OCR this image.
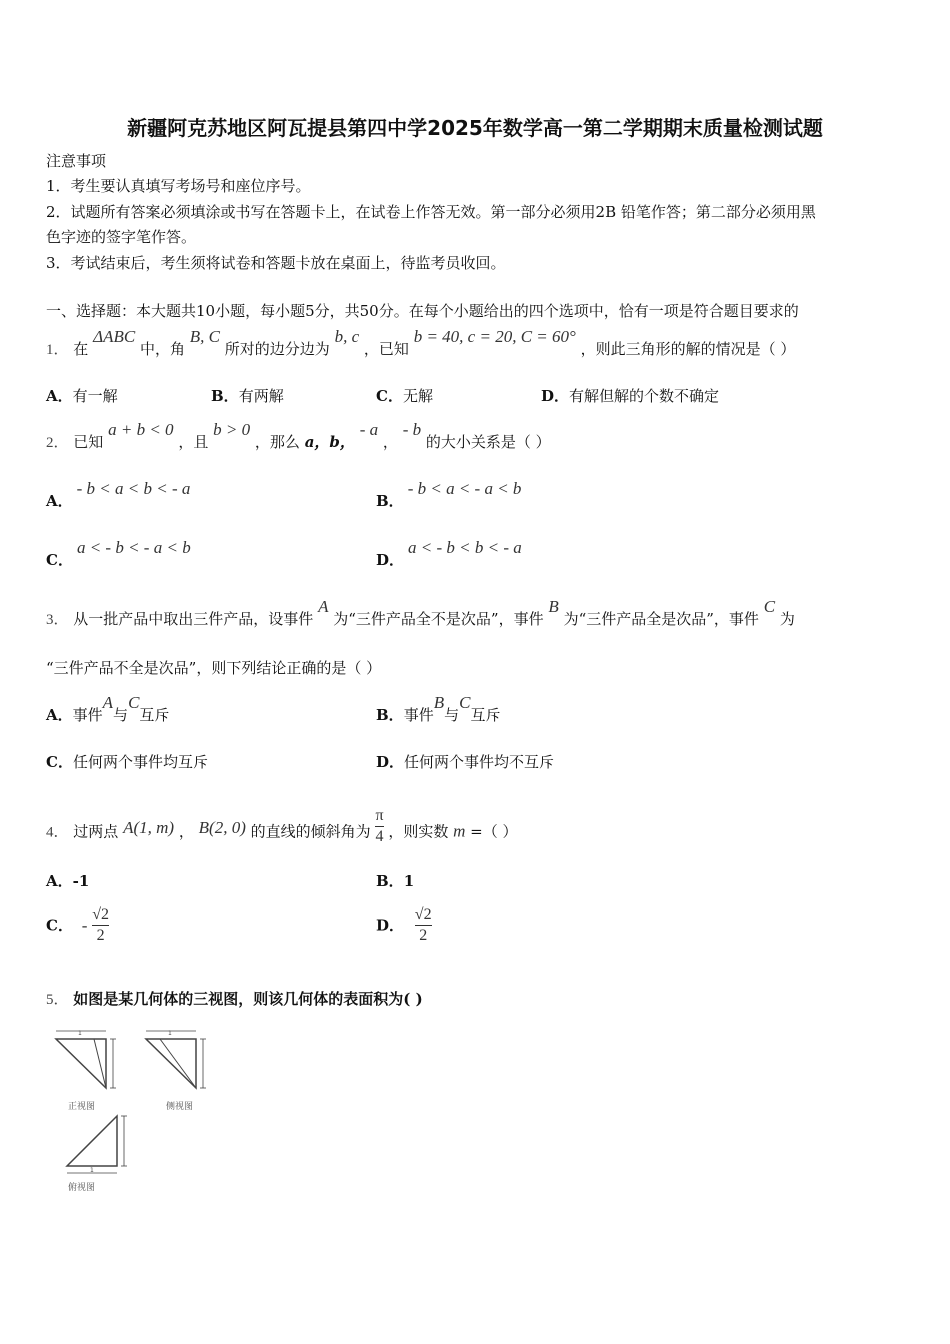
新疆阿克苏地区阿瓦提县第四中学2025年数学高一第二学期期末质量检测试题
注意事项
1．考生要认真填写考场号和座位序号。
2．试题所有答案必须填涂或书写在答题卡上，在试卷上作答无效。第一部分必须用2B 铅笔作答；第二部分必须用黑
色字迹的签字笔作答。
3．考试结束后，考生须将试卷和答题卡放在桌面上，待监考员收回。
一、选择题：本大题共10小题，每小题5分，共50分。在每个小题给出的四个选项中，恰有一项是符合题目要求的
1． 在 ΔABC 中，角 B, C 所对的边分边为 b, c ，已知 b = 40, c = 20, C = 60° ，则此三角形的解的情况是（ ）
A．有一解	B．有两解	C．无解	D．有解但解的个数不确定
2． 已知 a + b < 0 ，且 b > 0 ，那么 a，b， - a ， - b 的大小关系是（ ）
A．- b < a < b < - a
B．- b < a < - a < b
C．a < - b < - a < b
D．a < - b < b < - a
3． 从一批产品中取出三件产品，设事件 A 为“三件产品全不是次品”，事件 B 为“三件产品全是次品”，事件 C 为
“三件产品不全是次品”，则下列结论正确的是（ ）
A．事件A与C互斥	B．事件B与C互斥
C．任何两个事件均互斥	D．任何两个事件均不互斥
4． 过两点 A(1, m) ， B(2, 0) 的直线的倾斜角为 $\frac{\pi}{4}$ ，则实数 m =（ ）
A．-1	B．1
C． - $\frac{√2}{2}$	D． $\frac{√2}{2}$
5． 如图是某几何体的三视图，则该几何体的表面积为( )
1	1
1
正视图	侧视图
俯视图
